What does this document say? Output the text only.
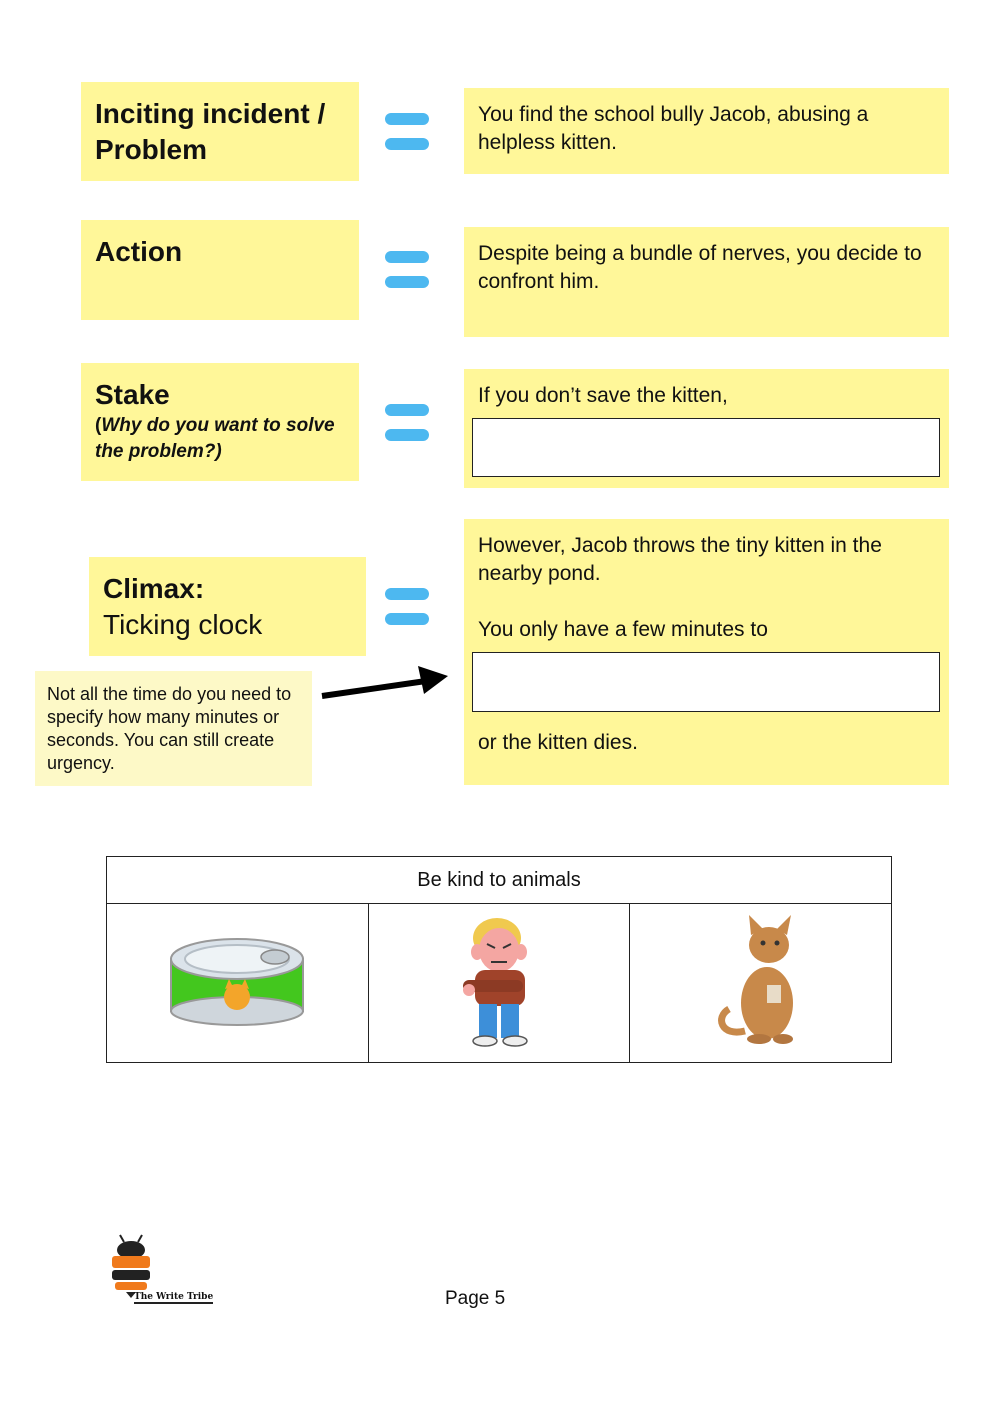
Inciting incident / Problem
You find the school bully Jacob, abusing a helpless kitten.
Action	Despite being a bundle of nerves, you decide to confront him.
Stake
(Why do you want to solve the problem?)
If you don’t save the kitten,
Climax:
Ticking clock
However, Jacob throws the tiny kitten in the nearby pond.
You only have a few minutes to
or the kitten dies.
Not all the time do you need to specify how many minutes or seconds. You can still create urgency.
Be kind to animals

The Write Tribe	Page 5
